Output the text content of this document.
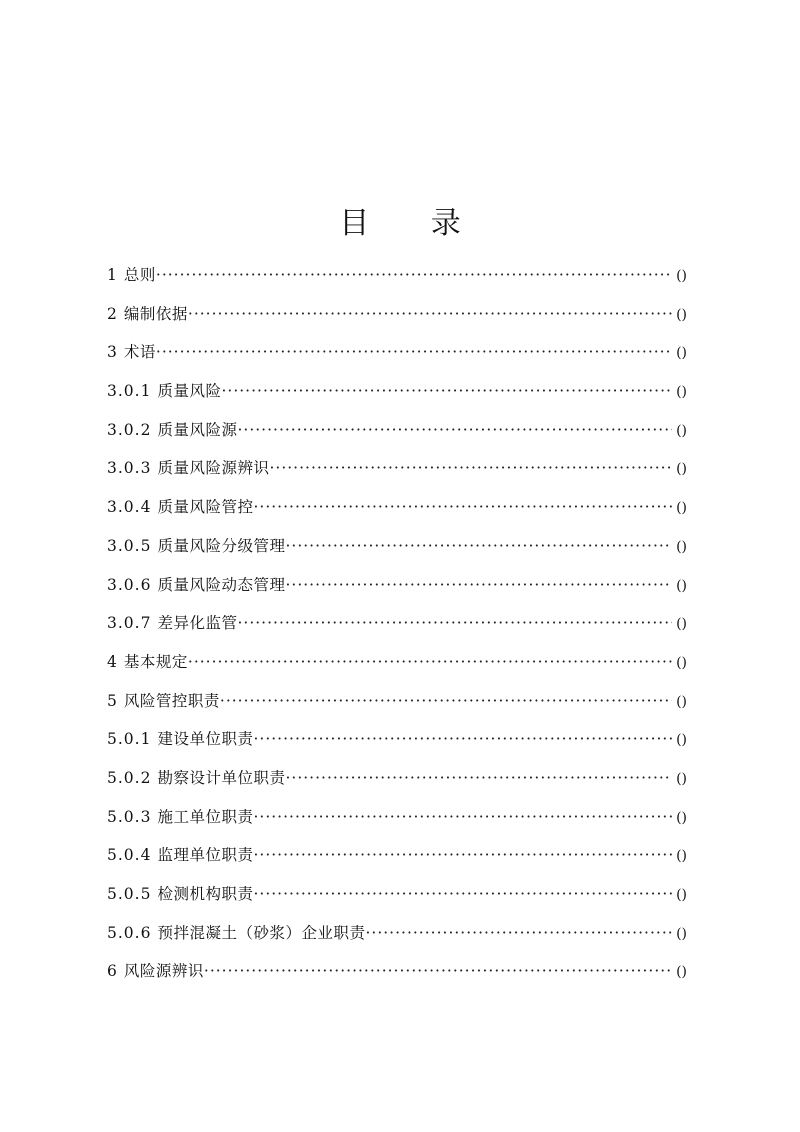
目 录
1 总则 ·····	()
2 编制依据 ·····	()
3 术语 ·····	()
3.0.1 质量风险 ·····	()
3.0.2 质量风险源 ·····	()
3.0.3 质量风险源辨识 ·····	()
3.0.4 质量风险管控 ·····	()
3.0.5 质量风险分级管理 ·····	()
3.0.6 质量风险动态管理 ·····	()
3.0.7 差异化监管 ·····	()
4 基本规定 ·····	()
5 风险管控职责 ·····	()
5.0.1 建设单位职责 ·····	()
5.0.2 勘察设计单位职责 ·····	()
5.0.3 施工单位职责 ·····	()
5.0.4 监理单位职责 ·····	()
5.0.5 检测机构职责 ·····	()
5.0.6 预拌混凝土（砂浆）企业职责 ·····	()
6 风险源辨识 ·····	()
